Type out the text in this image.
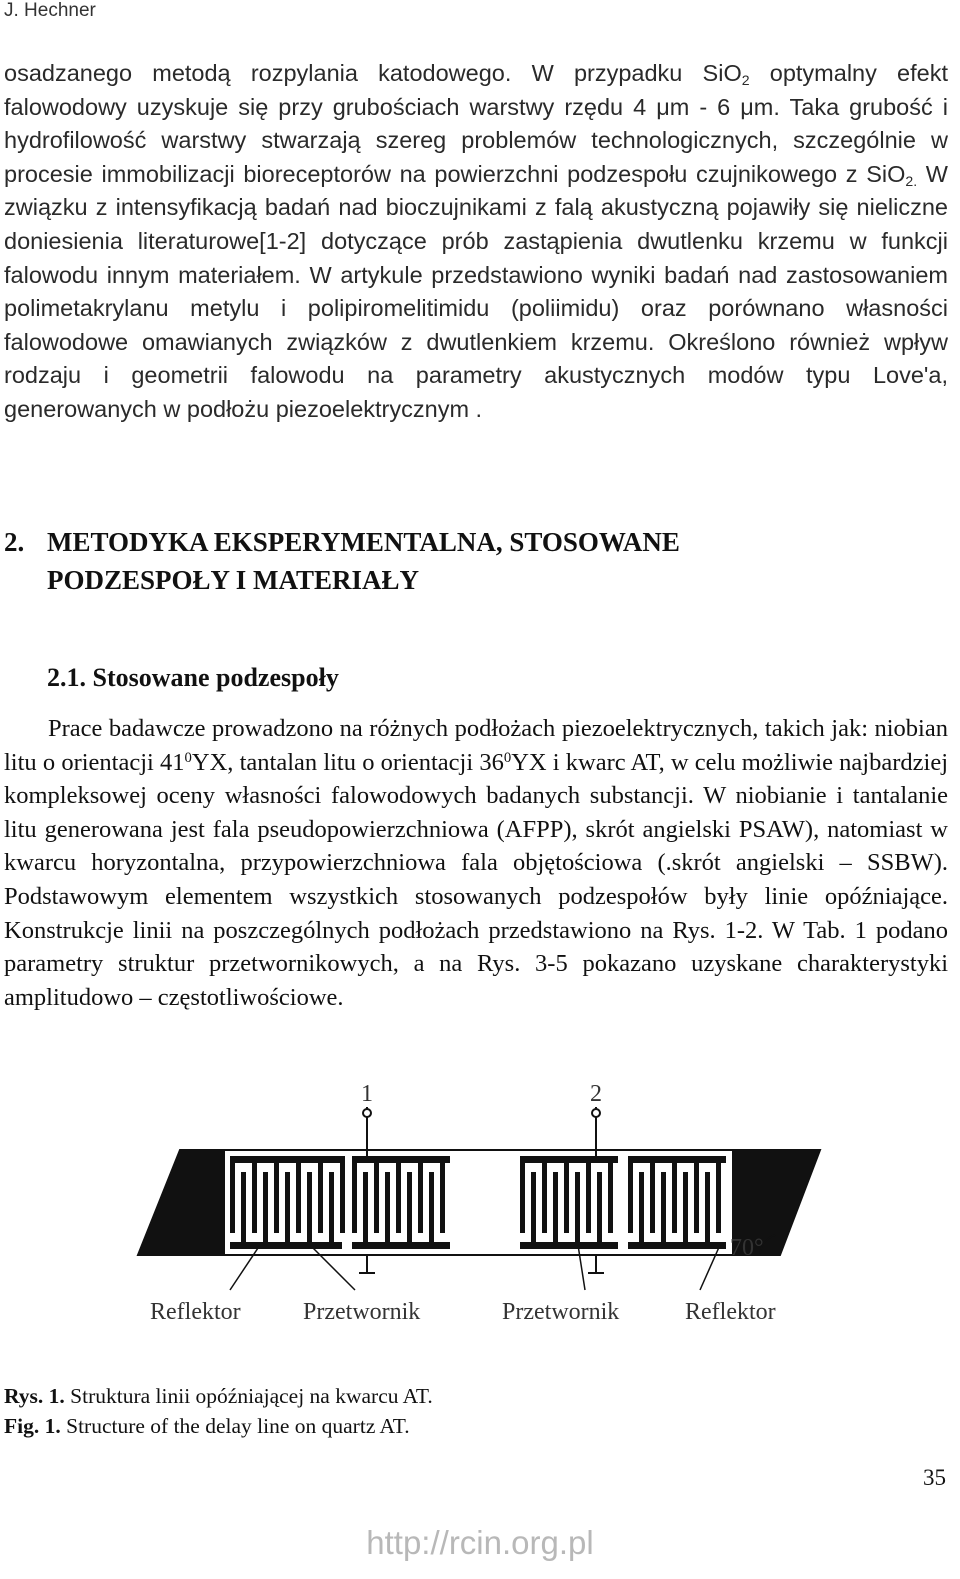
J. Hechner

osadzanego metodą rozpylania katodowego. W przypadku SiO$_2$ optymalny efekt falowodowy uzyskuje się przy grubościach warstwy rzędu 4 μm - 6 μm. Taka grubość i hydrofilowość warstwy stwarzają szereg problemów technologicznych, szczególnie w procesie immobilizacji bioreceptorów na powierzchni podzespołu czujnikowego z SiO$_{2.}$ W związku z intensyfikacją badań nad bioczujnikami z falą akustyczną pojawiły się nieliczne doniesienia literaturowe[1-2] dotyczące prób zastąpienia dwutlenku krzemu w funkcji falowodu innym materiałem. W artykule przedstawiono wyniki badań nad zastosowaniem polimetakrylanu metylu i polipiromelitimidu (poliimidu) oraz porównano własności falowodowe omawianych związków z dwutlenkiem krzemu. Określono również wpływ rodzaju i geometrii falowodu na parametry akustycznych modów typu Love'a, generowanych w podłożu piezoelektrycznym .

2. METODYKA EKSPERYMENTALNA, STOSOWANE
PODZESPOŁY I MATERIAŁY
2.1. Stosowane podzespoły

Prace badawcze prowadzono na różnych podłożach piezoelektrycznych, takich jak: niobian litu o orientacji $41^0YX$, tantalan litu o orientacji $36^0YX$ i kwarc AT, w celu możliwie najbardziej kompleksowej oceny własności falowodowych badanych substancji. W niobianie i tantalanie litu generowana jest fala pseudopowierzchniowa (AFPP), skrót angielski PSAW), natomiast w kwarcu horyzontalna, przypowierzchniowa fala objętościowa (.skrót angielski – SSBW). Podstawowym elementem wszystkich stosowanych podzespołów były linie opóźniające. Konstrukcje linii na poszczególnych podłożach przedstawiono na Rys. 1-2. W Tab. 1 podano parametry struktur przetwornikowych, a na Rys. 3-5 pokazano uzyskane charakterystyki amplitudowo – częstotliwościowe.

1	2
70°
Reflektor	Przetwornik	Przetwornik	Reflektor

Rys. 1. Struktura linii opóźniającej na kwarcu AT.

Fig. 1. Structure of the delay line on quartz AT.

35
http://rcin.org.pl
